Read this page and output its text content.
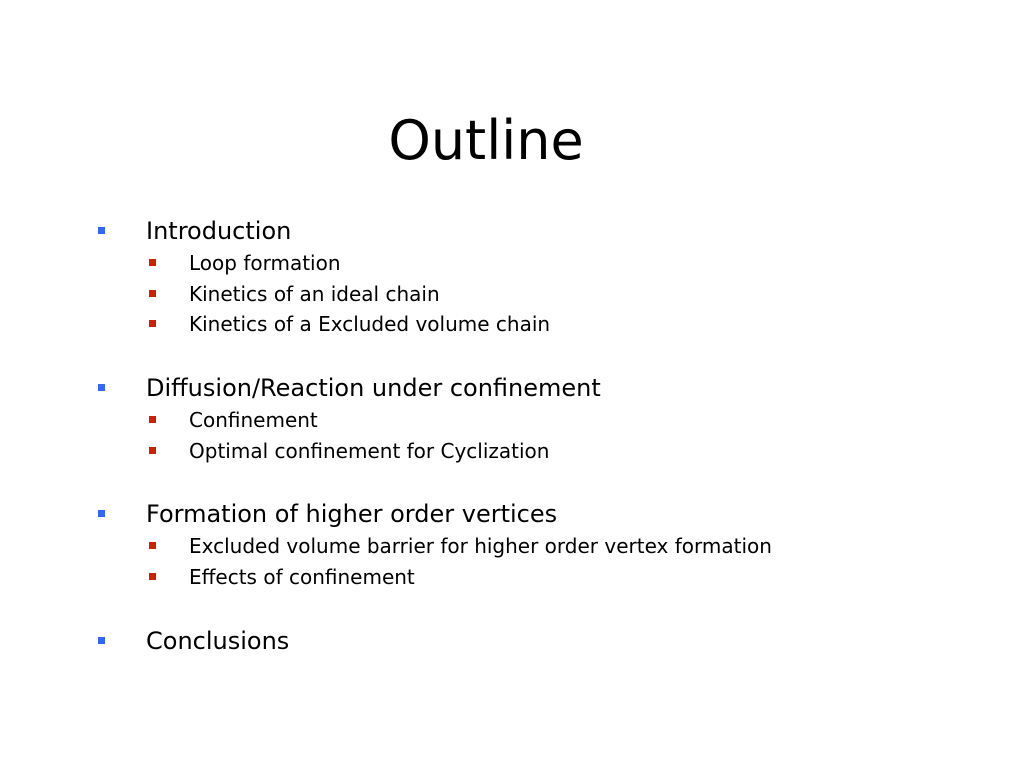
Outline
Introduction
Loop formation
Kinetics of an ideal chain
Kinetics of a Excluded volume chain
Diffusion/Reaction under confinement
Confinement
Optimal confinement for Cyclization
Formation of higher order vertices
Excluded volume barrier for higher order vertex formation
Effects of confinement
Conclusions
